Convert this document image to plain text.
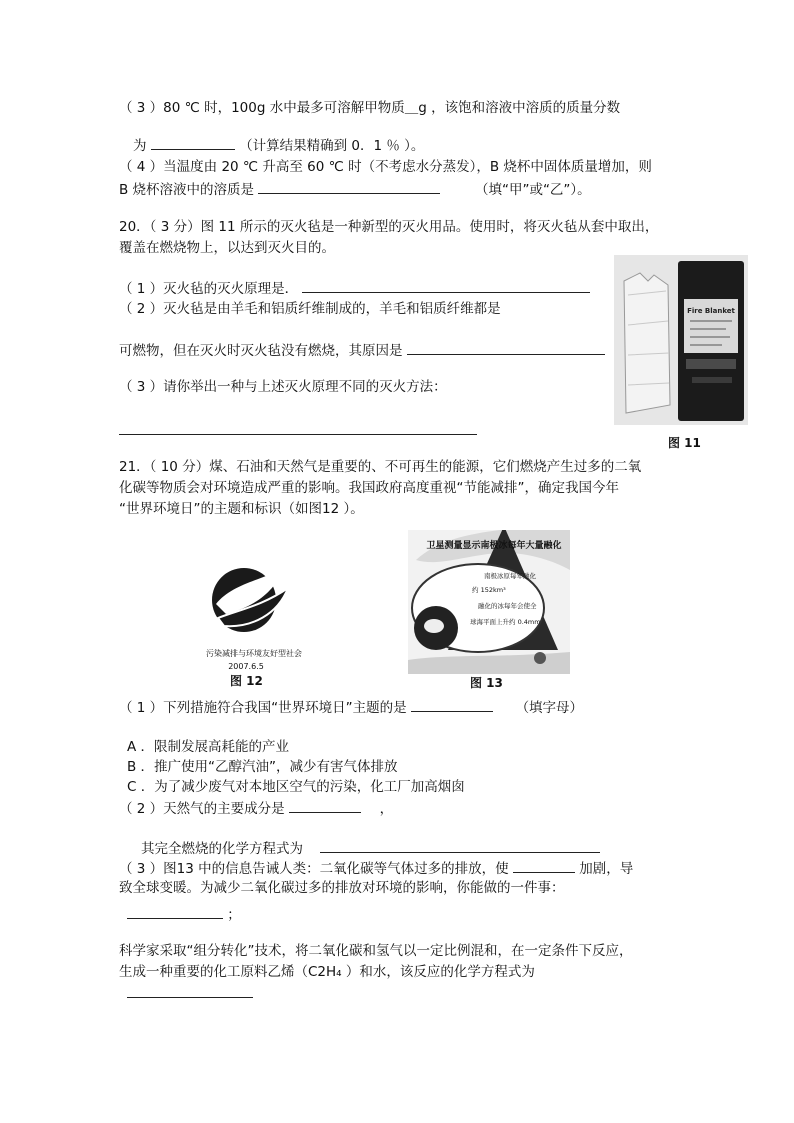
（ 3 ）80 ℃ 时，100g 水中最多可溶解甲物质＿g ，该饱和溶液中溶质的质量分数
为	（计算结果精确到 0．1 ％ ）。
（ 4 ）当温度由 20 ℃ 升高至 60 ℃ 时（不考虑水分蒸发），B 烧杯中固体质量增加，则
B 烧杯溶液中的溶质是	（填“甲”或“乙”）。
20．（ 3 分）图 11 所示的灭火毡是一种新型的灭火用品。使用时，将灭火毡从套中取出，
覆盖在燃烧物上，以达到灭火目的。
（ 1 ）灭火毡的灭火原理是．
（ 2 ）灭火毡是由羊毛和铝质纤维制成的，羊毛和铝质纤维都是
可燃物，但在灭火时灭火毡没有燃烧，其原因是
（ 3 ）请你举出一种与上述灭火原理不同的灭火方法：
Fire Blanket
图 11
21．（ 10 分）煤、石油和天然气是重要的、不可再生的能源，它们燃烧产生过多的二氧
化碳等物质会对环境造成严重的影响。我国政府高度重视“节能减排”，确定我国今年
“世界环境日”的主题和标识（如图12 ）。
污染减排与环境友好型社会
2007.6.5
图 12
卫星测量显示南极冰每年大量融化
南极冰原每年融化
约 152km³
融化的冰每年会使全
球海平面上升约 0.4mm
图 13
（ 1 ）下列措施符合我国“世界环境日”主题的是	（填字母）
A ．限制发展高耗能的产业
B ．推广使用“乙醇汽油”，减少有害气体排放
C ．为了减少废气对本地区空气的污染，化工厂加高烟囱
（ 2 ）天然气的主要成分是	，
其完全燃烧的化学方程式为
（ 3 ）图13 中的信息告诫人类：二氧化碳等气体过多的排放，使	加剧，导
致全球变暖。为减少二氧化碳过多的排放对环境的影响，你能做的一件事：
；
科学家采取“组分转化”技术，将二氧化碳和氢气以一定比例混和，在一定条件下反应，
生成一种重要的化工原料乙烯（C2H₄ ）和水，该反应的化学方程式为
